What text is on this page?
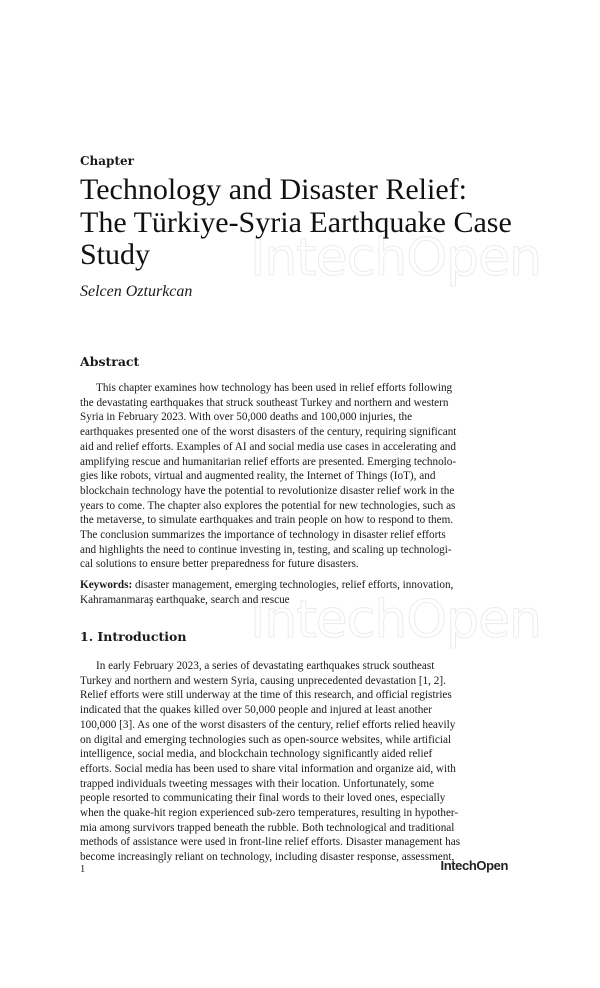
IntechOpen
IntechOpen
Chapter
Technology and Disaster Relief:
The Türkiye-Syria Earthquake Case
Study
Selcen Ozturkcan
Abstract

This chapter examines how technology has been used in relief efforts following
the devastating earthquakes that struck southeast Turkey and northern and western
Syria in February 2023. With over 50,000 deaths and 100,000 injuries, the
earthquakes presented one of the worst disasters of the century, requiring significant
aid and relief efforts. Examples of AI and social media use cases in accelerating and
amplifying rescue and humanitarian relief efforts are presented. Emerging technolo-
gies like robots, virtual and augmented reality, the Internet of Things (IoT), and
blockchain technology have the potential to revolutionize disaster relief work in the
years to come. The chapter also explores the potential for new technologies, such as
the metaverse, to simulate earthquakes and train people on how to respond to them.
The conclusion summarizes the importance of technology in disaster relief efforts
and highlights the need to continue investing in, testing, and scaling up technologi-
cal solutions to ensure better preparedness for future disasters.

Keywords: disaster management, emerging technologies, relief efforts, innovation,
Kahramanmaraş earthquake, search and rescue

1. Introduction

In early February 2023, a series of devastating earthquakes struck southeast
Turkey and northern and western Syria, causing unprecedented devastation [1, 2].
Relief efforts were still underway at the time of this research, and official registries
indicated that the quakes killed over 50,000 people and injured at least another
100,000 [3]. As one of the worst disasters of the century, relief efforts relied heavily
on digital and emerging technologies such as open-source websites, while artificial
intelligence, social media, and blockchain technology significantly aided relief
efforts. Social media has been used to share vital information and organize aid, with
trapped individuals tweeting messages with their location. Unfortunately, some
people resorted to communicating their final words to their loved ones, especially
when the quake-hit region experienced sub-zero temperatures, resulting in hypother-
mia among survivors trapped beneath the rubble. Both technological and traditional
methods of assistance were used in front-line relief efforts. Disaster management has
become increasingly reliant on technology, including disaster response, assessment,

1	IntechOpen
